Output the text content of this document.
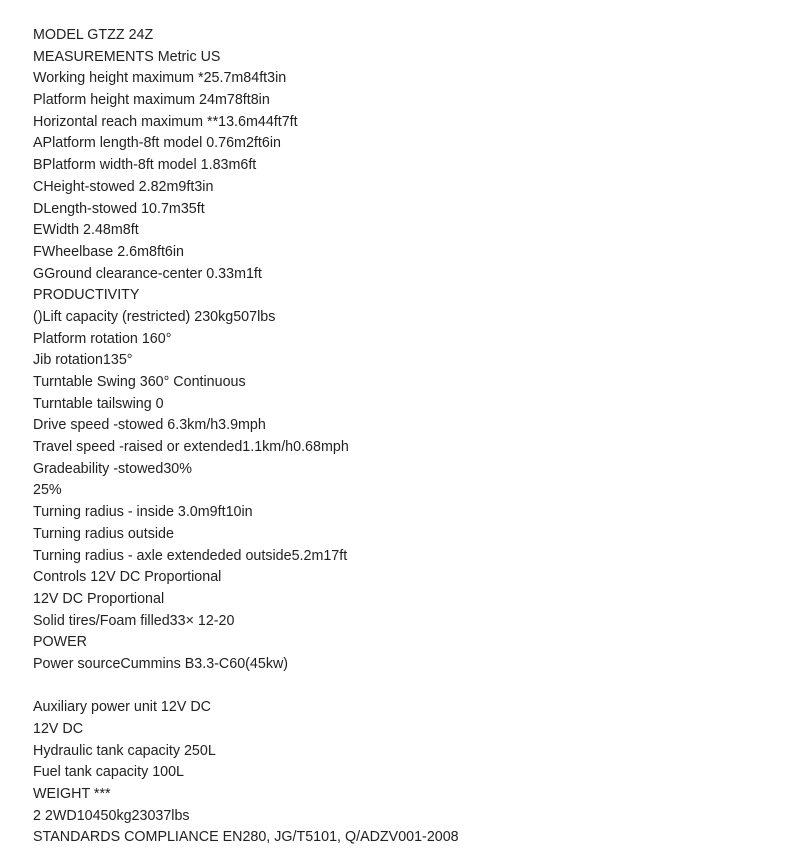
MODEL GTZZ 24Z
MEASUREMENTS Metric US
Working height maximum *25.7m84ft3in
Platform height maximum 24m78ft8in
Horizontal reach maximum **13.6m44ft7ft
APlatform length-8ft model 0.76m2ft6in
BPlatform width-8ft model 1.83m6ft
CHeight-stowed 2.82m9ft3in
DLength-stowed 10.7m35ft
EWidth 2.48m8ft
FWheelbase 2.6m8ft6in
GGround clearance-center 0.33m1ft
PRODUCTIVITY
()Lift capacity (restricted) 230kg507lbs
Platform rotation 160°
Jib rotation135°
Turntable Swing 360° Continuous
Turntable tailswing 0
Drive speed -stowed 6.3km/h3.9mph
Travel speed -raised or extended1.1km/h0.68mph
Gradeability -stowed30%
25%
Turning radius - inside 3.0m9ft10in
Turning radius outside
Turning radius - axle extendeded outside5.2m17ft
Controls 12V DC Proportional
12V DC Proportional
Solid tires/Foam filled33× 12-20
POWER
Power sourceCummins B3.3-C60(45kw)
Auxiliary power unit 12V DC
12V DC
Hydraulic tank capacity 250L
Fuel tank capacity 100L
WEIGHT ***
2 2WD10450kg23037lbs
STANDARDS COMPLIANCE EN280, JG/T5101, Q/ADZV001-2008
